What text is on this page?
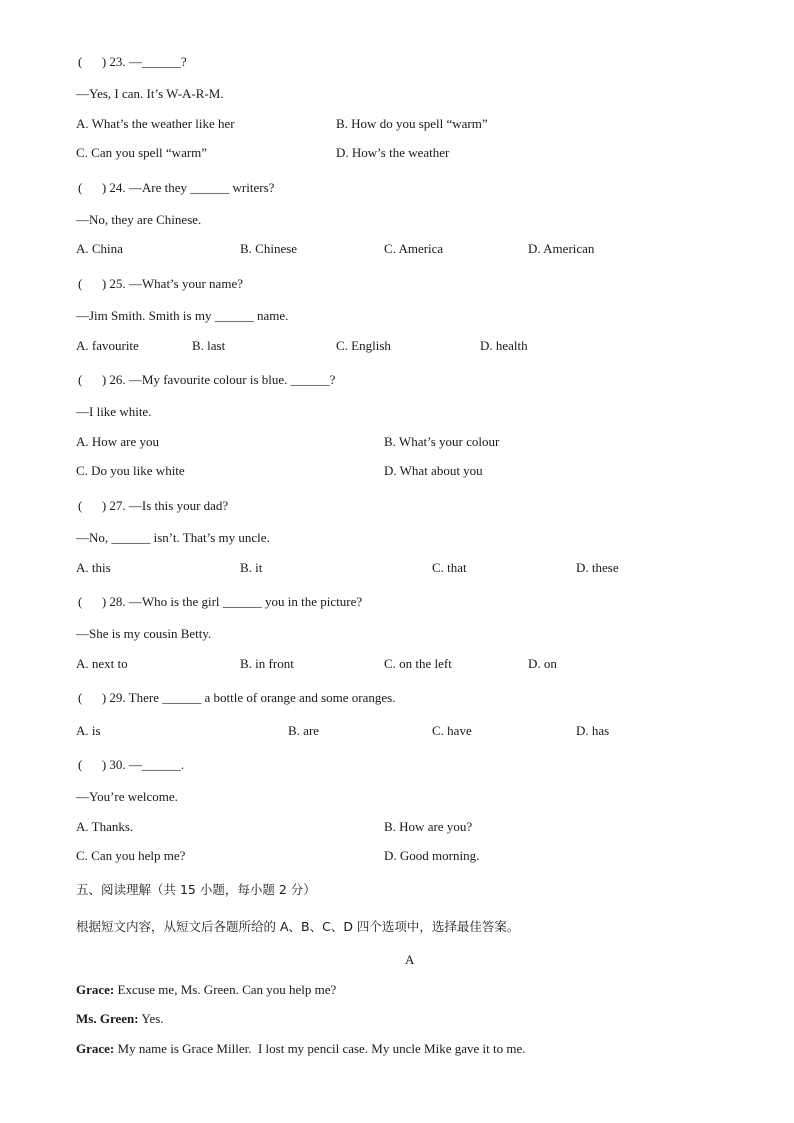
(      ) 23. —______?
—Yes, I can. It’s W-A-R-M.
A. What’s the weather like her	B. How do you spell “warm”
C. Can you spell “warm”	D. How’s the weather
(      ) 24. —Are they ______ writers?
—No, they are Chinese.
A. China	B. Chinese	C. America	D. American
(      ) 25. —What’s your name?
—Jim Smith. Smith is my ______ name.
A. favourite	B. last	C. English	D. health
(      ) 26. —My favourite colour is blue. ______?
—I like white.
A. How are you	B. What’s your colour
C. Do you like white	D. What about you
(      ) 27. —Is this your dad?
—No, ______ isn’t. That’s my uncle.
A. this	B. it	C. that	D. these
(      ) 28. —Who is the girl ______ you in the picture?
—She is my cousin Betty.
A. next to	B. in front	C. on the left	D. on
(      ) 29. There ______ a bottle of orange and some oranges.
A. is	B. are	C. have	D. has
(      ) 30. —______.
—You’re welcome.
A. Thanks.	B. How are you?
C. Can you help me?	D. Good morning.
五、阅读理解（共 15 小题，每小题 2 分）
根据短文内容，从短文后各题所给的 A、B、C、D 四个选项中，选择最佳答案。
A
Grace: Excuse me, Ms. Green. Can you help me?
Ms. Green: Yes.
Grace: My name is Grace Miller.  I lost my pencil case. My uncle Mike gave it to me.
